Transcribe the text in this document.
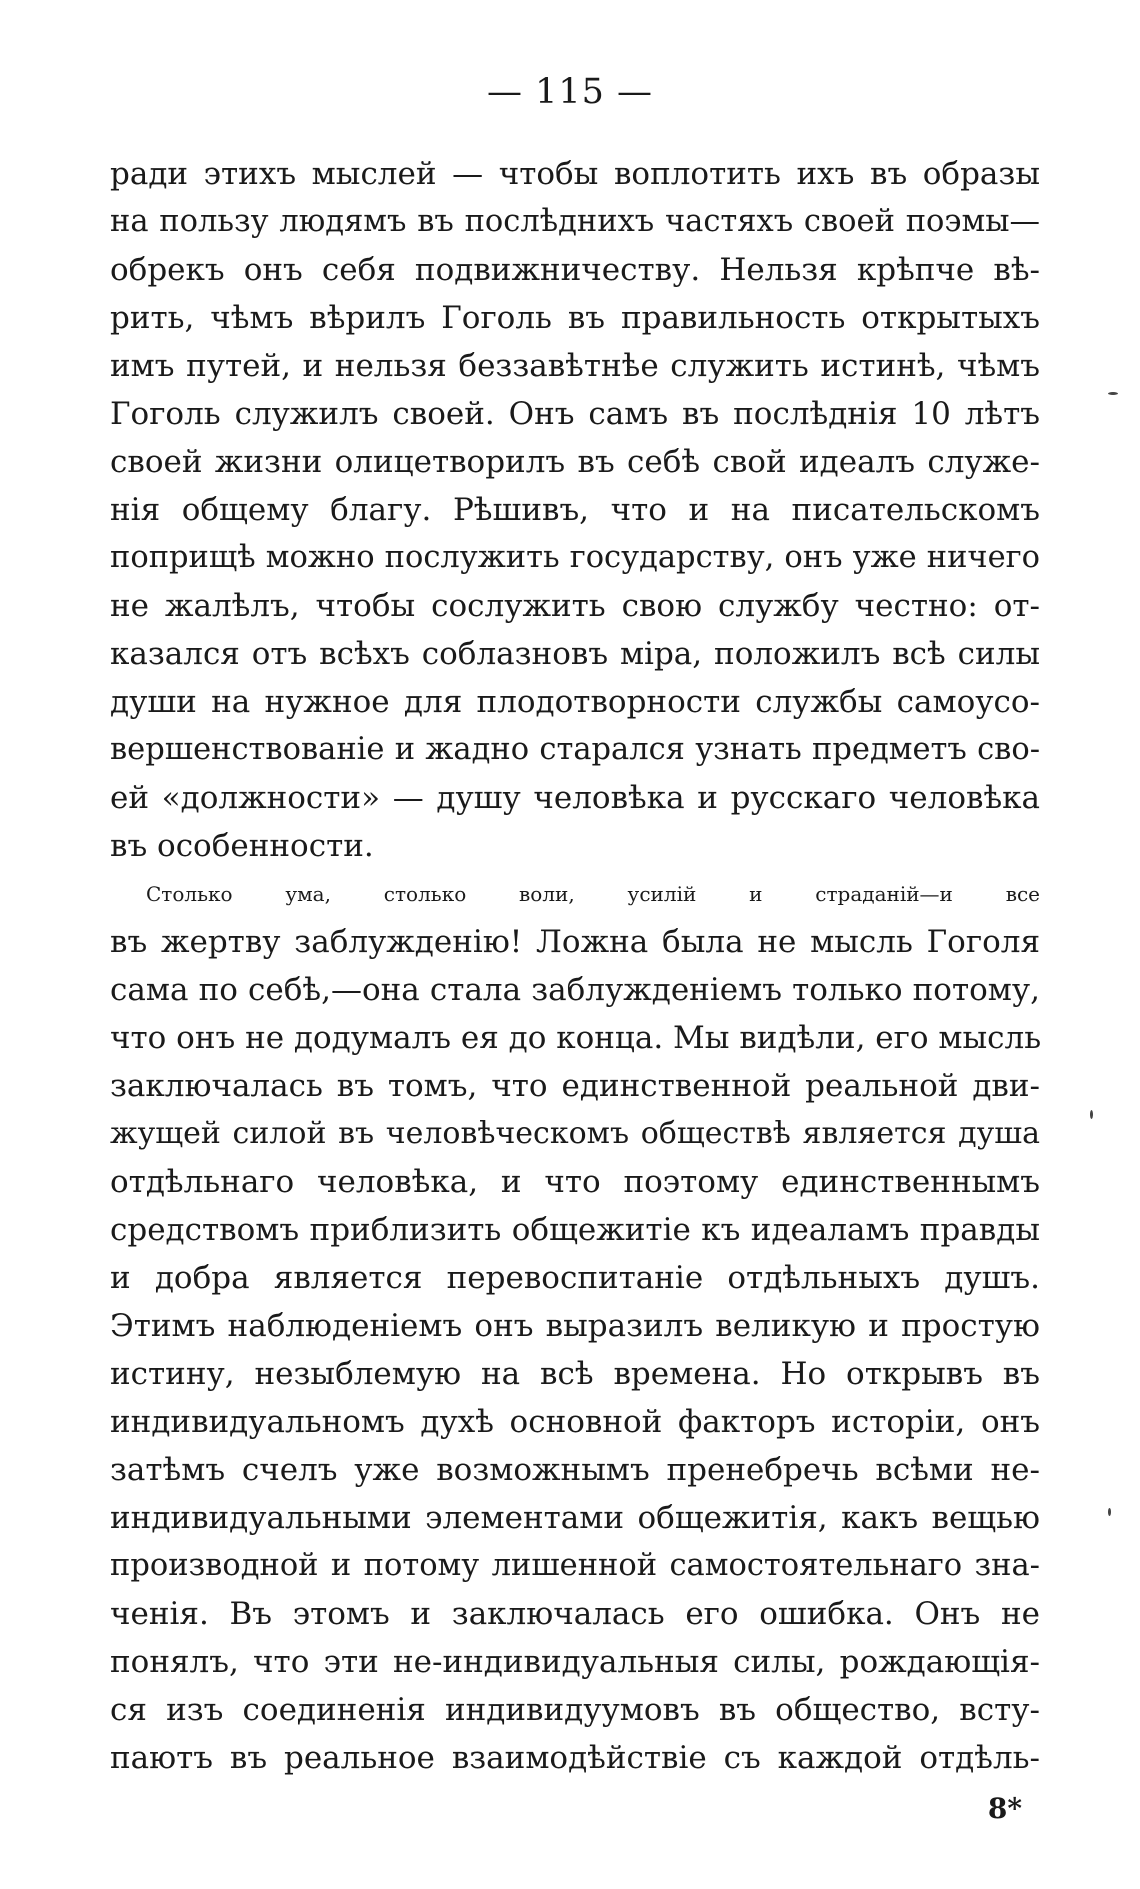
— 115 —
ради этихъ мыслей — чтобы воплотить ихъ въ образы
на пользу людямъ въ послѣднихъ частяхъ своей поэмы—
обрекъ онъ себя подвижничеству. Нельзя крѣпче вѣ-
рить, чѣмъ вѣрилъ Гоголь въ правильность открытыхъ
имъ путей, и нельзя беззавѣтнѣе служить истинѣ, чѣмъ
Гоголь служилъ своей. Онъ самъ въ послѣднія 10 лѣтъ
своей жизни олицетворилъ въ себѣ свой идеалъ служе-
нія общему благу. Рѣшивъ, что и на писательскомъ
поприщѣ можно послужить государству, онъ уже ничего
не жалѣлъ, чтобы сослужить свою службу честно: от-
казался отъ всѣхъ соблазновъ міра, положилъ всѣ силы
души на нужное для плодотворности службы самоусо-
вершенствованіе и жадно старался узнать предметъ сво-
ей «должности» — душу человѣка и русскаго человѣка
въ особенности.
Столько ума, столько воли, усилій и страданій—и все
въ жертву заблужденію! Ложна была не мысль Гоголя
сама по себѣ,—она стала заблужденіемъ только потому,
что онъ не додумалъ ея до конца. Мы видѣли, его мысль
заключалась въ томъ, что единственной реальной дви-
жущей силой въ человѣческомъ обществѣ является душа
отдѣльнаго человѣка, и что поэтому единственнымъ
средствомъ приблизить общежитіе къ идеаламъ правды
и добра является перевоспитаніе отдѣльныхъ душъ.
Этимъ наблюденіемъ онъ выразилъ великую и простую
истину, незыблемую на всѣ времена. Но открывъ въ
индивидуальномъ духѣ основной факторъ исторіи, онъ
затѣмъ счелъ уже возможнымъ пренебречь всѣми не-
индивидуальными элементами общежитія, какъ вещью
производной и потому лишенной самостоятельнаго зна-
ченія. Въ этомъ и заключалась его ошибка. Онъ не
понялъ, что эти не-индивидуальныя силы, рождающія-
ся изъ соединенія индивидуумовъ въ общество, всту-
паютъ въ реальное взаимодѣйствіе съ каждой отдѣль-
8*
